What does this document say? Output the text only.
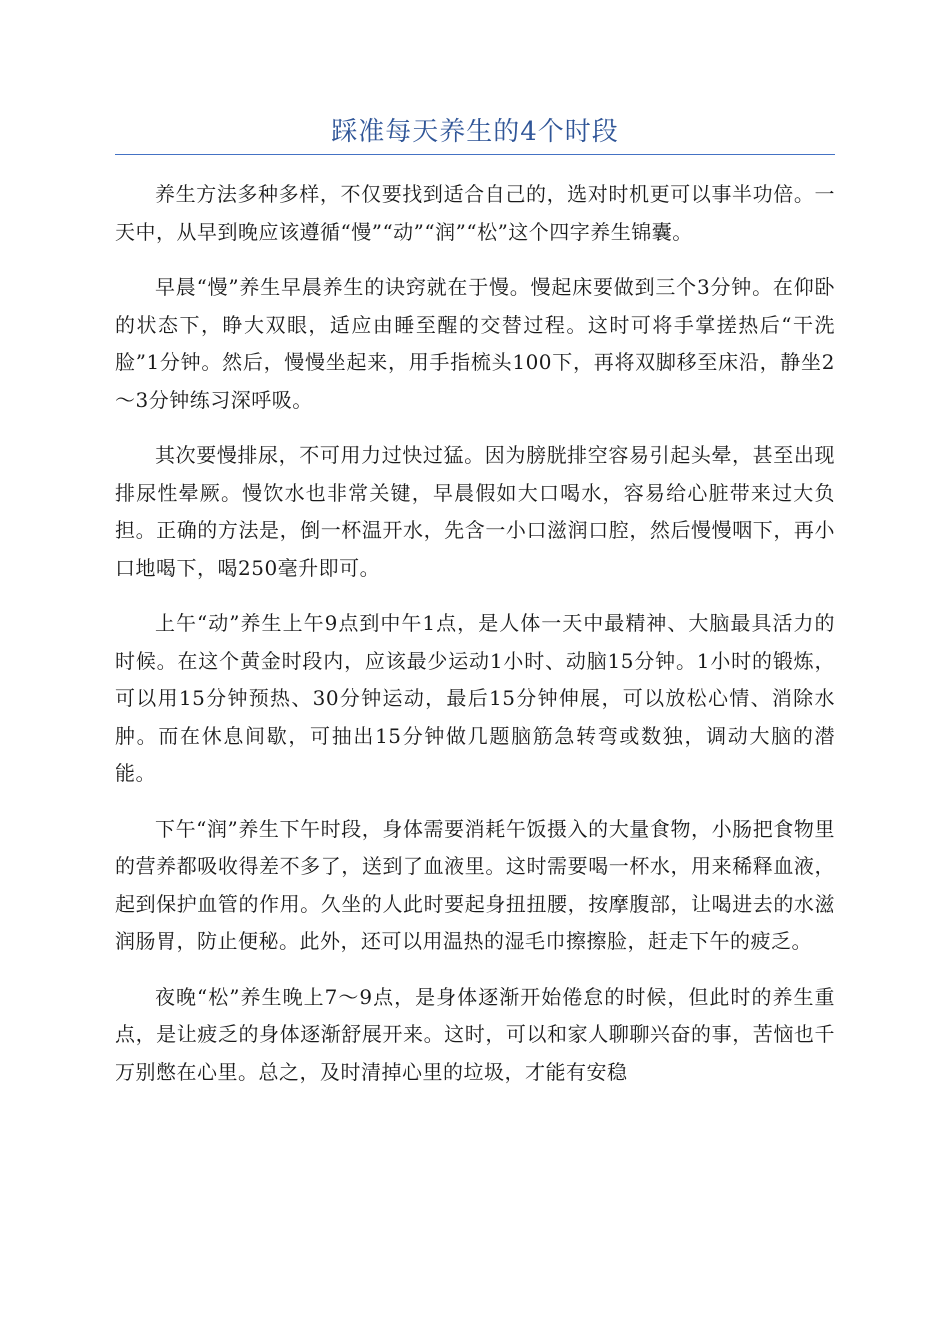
踩准每天养生的4个时段

养生方法多种多样，不仅要找到适合自己的，选对时机更可以事半功倍。一天中，从早到晚应该遵循“慢”“动”“润”“松”这个四字养生锦囊。

早晨“慢”养生早晨养生的诀窍就在于慢。慢起床要做到三个3分钟。在仰卧的状态下，睁大双眼，适应由睡至醒的交替过程。这时可将手掌搓热后“干洗脸”1分钟。然后，慢慢坐起来，用手指梳头100下，再将双脚移至床沿，静坐2～3分钟练习深呼吸。

其次要慢排尿，不可用力过快过猛。因为膀胱排空容易引起头晕，甚至出现排尿性晕厥。慢饮水也非常关键，早晨假如大口喝水，容易给心脏带来过大负担。正确的方法是，倒一杯温开水，先含一小口滋润口腔，然后慢慢咽下，再小口地喝下，喝250毫升即可。

上午“动”养生上午9点到中午1点，是人体一天中最精神、大脑最具活力的时候。在这个黄金时段内，应该最少运动1小时、动脑15分钟。1小时的锻炼，可以用15分钟预热、30分钟运动，最后15分钟伸展，可以放松心情、消除水肿。而在休息间歇，可抽出15分钟做几题脑筋急转弯或数独，调动大脑的潜能。

下午“润”养生下午时段，身体需要消耗午饭摄入的大量食物，小肠把食物里的营养都吸收得差不多了，送到了血液里。这时需要喝一杯水，用来稀释血液，起到保护血管的作用。久坐的人此时要起身扭扭腰，按摩腹部，让喝进去的水滋润肠胃，防止便秘。此外，还可以用温热的湿毛巾擦擦脸，赶走下午的疲乏。

夜晚“松”养生晚上7～9点，是身体逐渐开始倦怠的时候，但此时的养生重点，是让疲乏的身体逐渐舒展开来。这时，可以和家人聊聊兴奋的事，苦恼也千万别憋在心里。总之，及时清掉心里的垃圾，才能有安稳
